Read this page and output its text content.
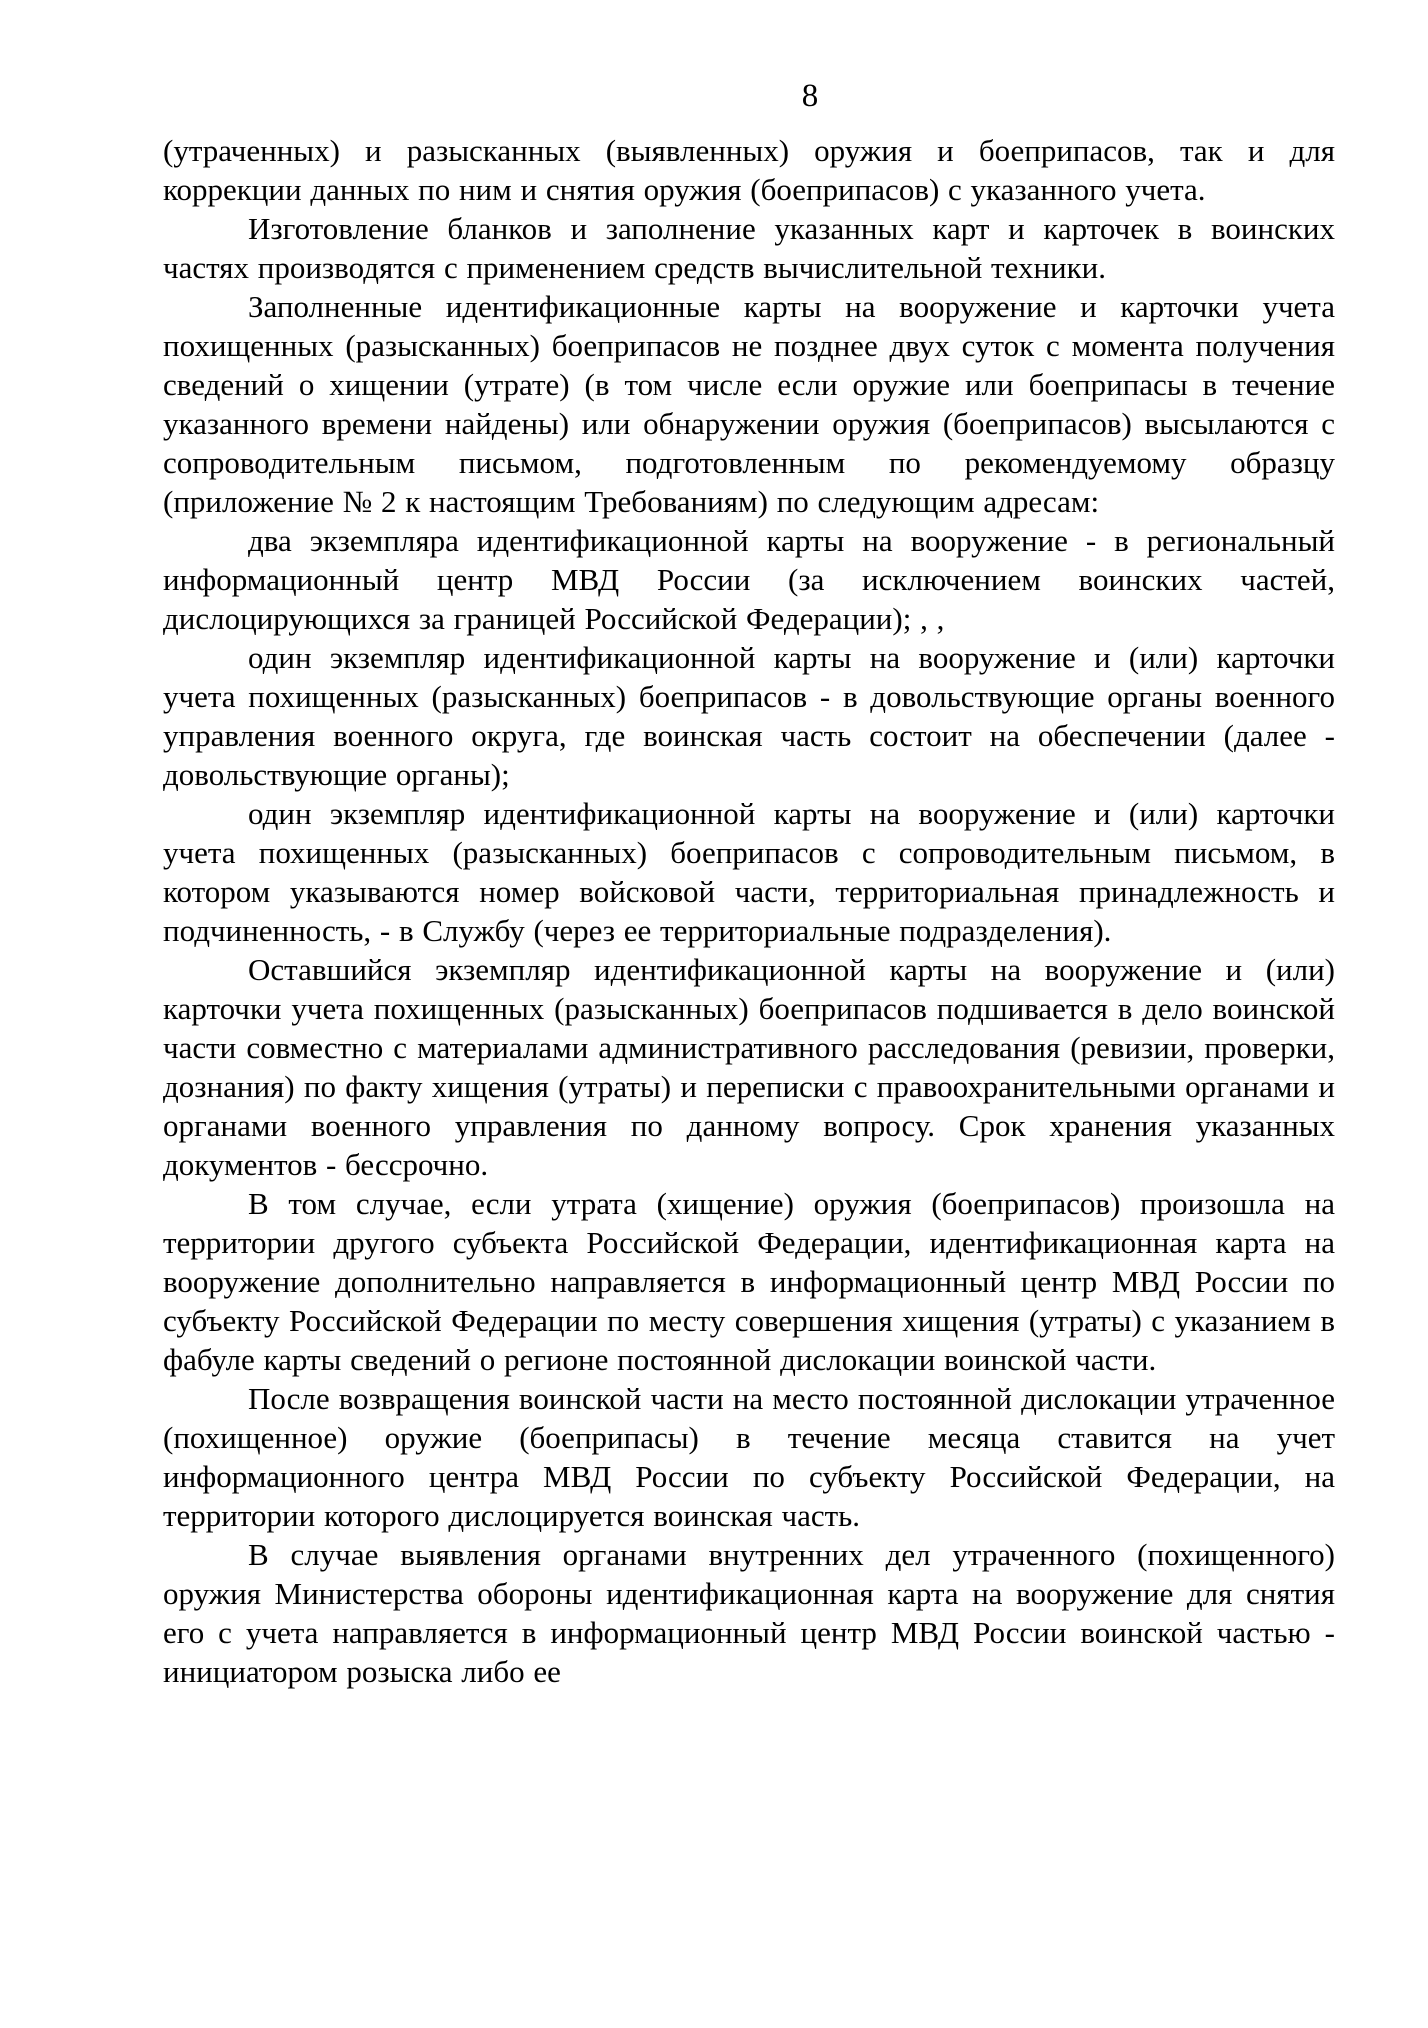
8

(утраченных) и разысканных (выявленных) оружия и боеприпасов, так и для коррекции данных по ним и снятия оружия (боеприпасов) с указанного учета.

Изготовление бланков и заполнение указанных карт и карточек в воинских частях производятся с применением средств вычислительной техники.

Заполненные идентификационные карты на вооружение и карточки учета похищенных (разысканных) боеприпасов не позднее двух суток с момента получения сведений о хищении (утрате) (в том числе если оружие или боеприпасы в течение указанного времени найдены) или обнаружении оружия (боеприпасов) высылаются с сопроводительным письмом, подготовленным по рекомендуемому образцу (приложение № 2 к настоящим Требованиям) по следующим адресам:

два экземпляра идентификационной карты на вооружение - в региональный информационный центр МВД России (за исключением воинских частей, дислоцирующихся за границей Российской Федерации); , ,

один экземпляр идентификационной карты на вооружение и (или) карточки учета похищенных (разысканных) боеприпасов - в довольствующие органы военного управления военного округа, где воинская часть состоит на обеспечении (далее - довольствующие органы);

один экземпляр идентификационной карты на вооружение и (или) карточки учета похищенных (разысканных) боеприпасов с сопроводительным письмом, в котором указываются номер войсковой части, территориальная принадлежность и подчиненность, - в Службу (через ее территориальные подразделения).

Оставшийся экземпляр идентификационной карты на вооружение и (или) карточки учета похищенных (разысканных) боеприпасов подшивается в дело воинской части совместно с материалами административного расследования (ревизии, проверки, дознания) по факту хищения (утраты) и переписки с правоохранительными органами и органами военного управления по данному вопросу. Срок хранения указанных документов - бессрочно.

В том случае, если утрата (хищение) оружия (боеприпасов) произошла на территории другого субъекта Российской Федерации, идентификационная карта на вооружение дополнительно направляется в информационный центр МВД России по субъекту Российской Федерации по месту совершения хищения (утраты) с указанием в фабуле карты сведений о регионе постоянной дислокации воинской части.

После возвращения воинской части на место постоянной дислокации утраченное (похищенное) оружие (боеприпасы) в течение месяца ставится на учет информационного центра МВД России по субъекту Российской Федерации, на территории которого дислоцируется воинская часть.

В случае выявления органами внутренних дел утраченного (похищенного) оружия Министерства обороны идентификационная карта на вооружение для снятия его с учета направляется в информационный центр МВД России воинской частью - инициатором розыска либо ее
